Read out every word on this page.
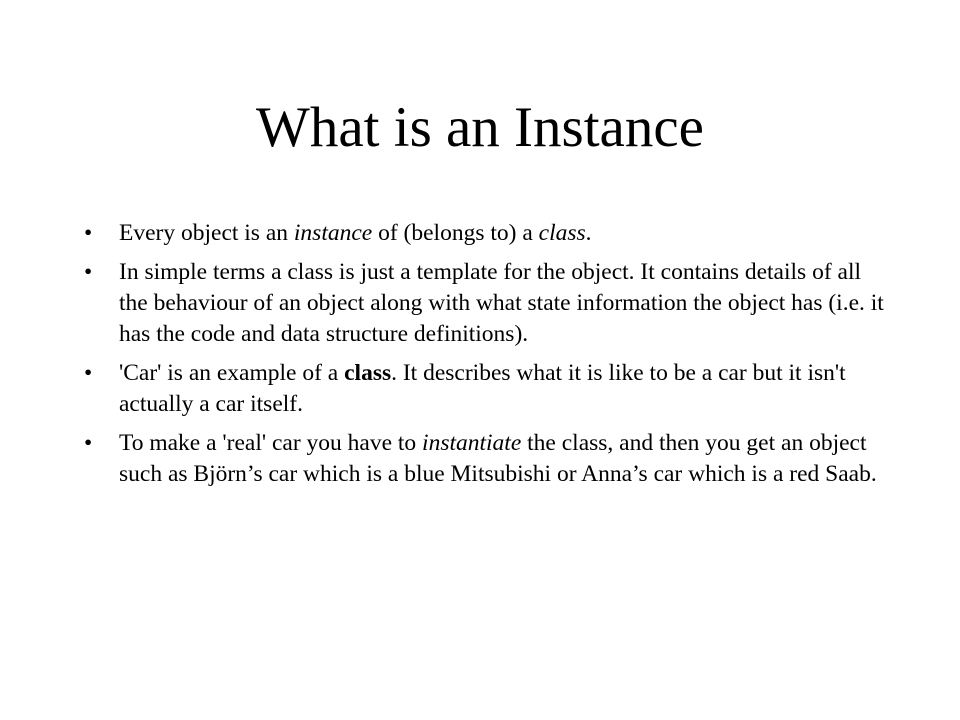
What is an Instance
•	Every object is an instance of (belongs to) a class.
•	In simple terms a class is just a template for the object. It contains details of all the behaviour of an object along with what state information the object has (i.e. it has the code and data structure definitions).
•	'Car' is an example of a class. It describes what it is like to be a car but it isn't actually a car itself.
•	To make a 'real' car you have to instantiate the class, and then you get an object such as Björn’s car which is a blue Mitsubishi or Anna’s car which is a red Saab.
